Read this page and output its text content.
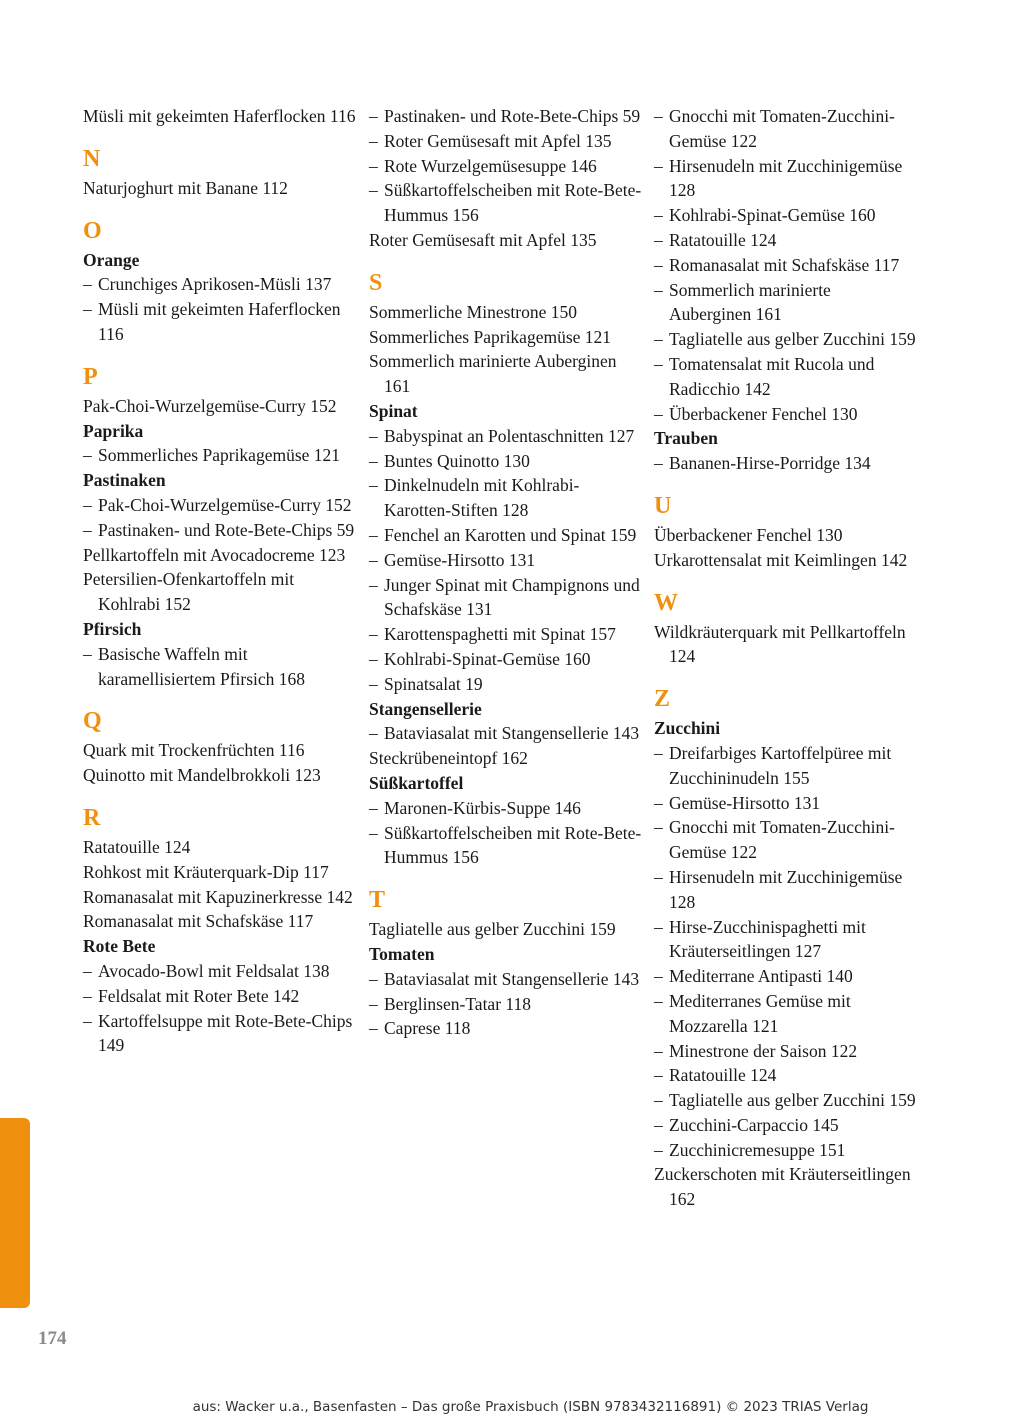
Müsli mit gekeimten Haferflocken 116
N
Naturjoghurt mit Banane 112
O
Orange
– Crunchiges Aprikosen-Müsli 137
– Müsli mit gekeimten Haferflocken 116
P
Pak-Choi-Wurzelgemüse-Curry 152
Paprika
– Sommerliches Paprikagemüse 121
Pastinaken
– Pak-Choi-Wurzelgemüse-Curry 152
– Pastinaken- und Rote-Bete-Chips 59
Pellkartoffeln mit Avocadocreme 123
Petersilien-Ofenkartoffeln mit Kohlrabi 152
Pfirsich
– Basische Waffeln mit karamellisiertem Pfirsich 168
Q
Quark mit Trockenfrüchten 116
Quinotto mit Mandelbrokkoli 123
R
Ratatouille 124
Rohkost mit Kräuterquark-Dip 117
Romanasalat mit Kapuzinerkresse 142
Romanasalat mit Schafskäse 117
Rote Bete
– Avocado-Bowl mit Feldsalat 138
– Feldsalat mit Roter Bete 142
– Kartoffelsuppe mit Rote-Bete-Chips 149
– Pastinaken- und Rote-Bete-Chips 59
– Roter Gemüsesaft mit Apfel 135
– Rote Wurzelgemüsesuppe 146
– Süßkartoffelscheiben mit Rote-Bete-Hummus 156
Roter Gemüsesaft mit Apfel 135
S
Sommerliche Minestrone 150
Sommerliches Paprikagemüse 121
Sommerlich marinierte Auberginen 161
Spinat
– Babyspinat an Polentaschnitten 127
– Buntes Quinotto 130
– Dinkelnudeln mit Kohlrabi-Karotten-Stiften 128
– Fenchel an Karotten und Spinat 159
– Gemüse-Hirsotto 131
– Junger Spinat mit Champignons und Schafskäse 131
– Karottenspaghetti mit Spinat 157
– Kohlrabi-Spinat-Gemüse 160
– Spinatsalat 19
Stangensellerie
– Bataviasalat mit Stangensellerie 143
Steckrübeneintopf 162
Süßkartoffel
– Maronen-Kürbis-Suppe 146
– Süßkartoffelscheiben mit Rote-Bete-Hummus 156
T
Tagliatelle aus gelber Zucchini 159
Tomaten
– Bataviasalat mit Stangensellerie 143
– Berglinsen-Tatar 118
– Caprese 118
– Gnocchi mit Tomaten-Zucchini-Gemüse 122
– Hirsenudeln mit Zucchinigemüse 128
– Kohlrabi-Spinat-Gemüse 160
– Ratatouille 124
– Romanasalat mit Schafskäse 117
– Sommerlich marinierte Auberginen 161
– Tagliatelle aus gelber Zucchini 159
– Tomatensalat mit Rucola und Radicchio 142
– Überbackener Fenchel 130
Trauben
– Bananen-Hirse-Porridge 134
U
Überbackener Fenchel 130
Urkarottensalat mit Keimlingen 142
W
Wildkräuterquark mit Pellkartoffeln 124
Z
Zucchini
– Dreifarbiges Kartoffelpüree mit Zucchininudeln 155
– Gemüse-Hirsotto 131
– Gnocchi mit Tomaten-Zucchini-Gemüse 122
– Hirsenudeln mit Zucchinigemüse 128
– Hirse-Zucchinispaghetti mit Kräuterseitlingen 127
– Mediterrane Antipasti 140
– Mediterranes Gemüse mit Mozzarella 121
– Minestrone der Saison 122
– Ratatouille 124
– Tagliatelle aus gelber Zucchini 159
– Zucchini-Carpaccio 145
– Zucchinicremesuppe 151
Zuckerschoten mit Kräuterseitlingen 162
174
aus: Wacker u.a., Basenfasten – Das große Praxisbuch (ISBN 9783432116891) © 2023 TRIAS Verlag
